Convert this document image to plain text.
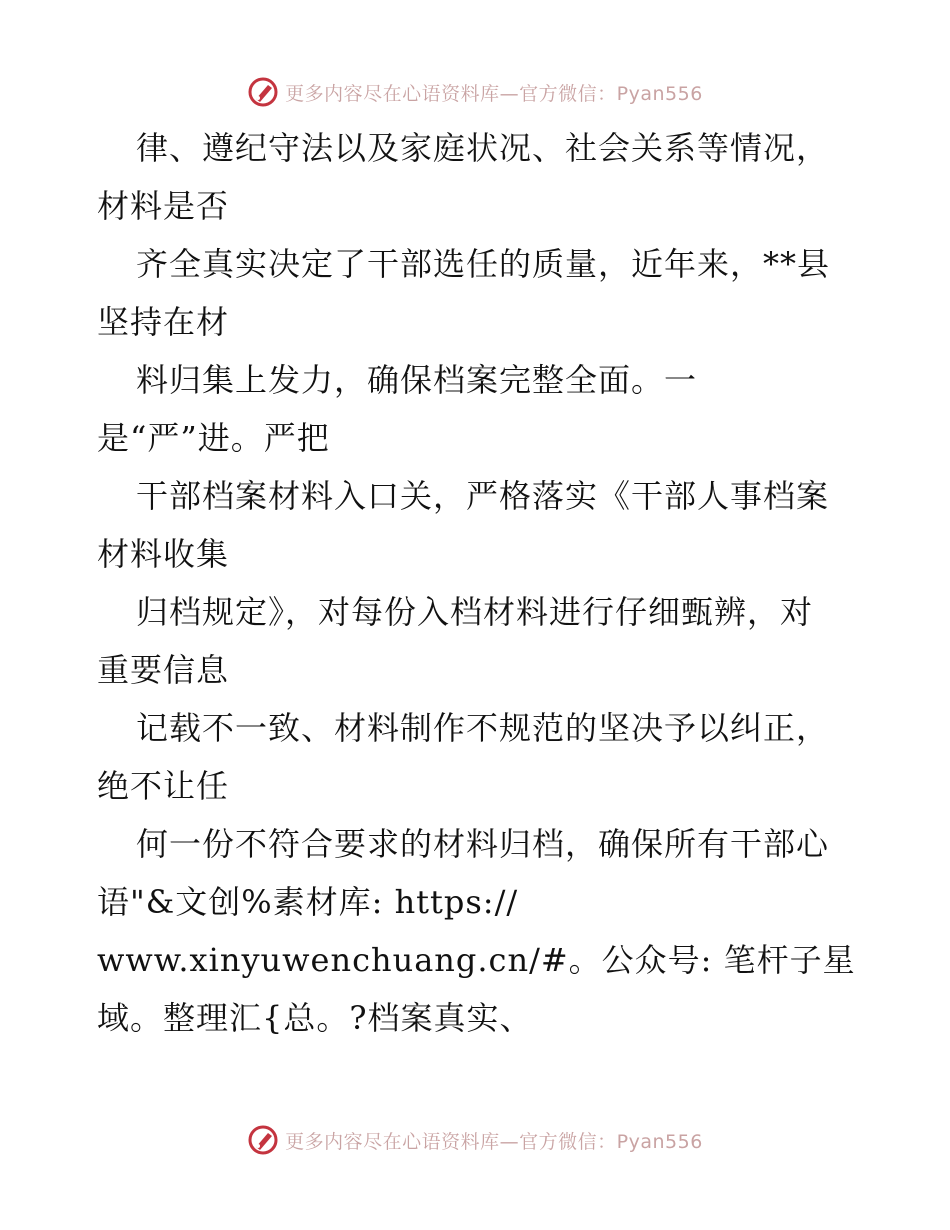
更多内容尽在心语资料库—官方微信：Pyan556
律、遵纪守法以及家庭状况、社会关系等情况，
材料是否
齐全真实决定了干部选任的质量，近年来，**县
坚持在材
料归集上发力，确保档案完整全面。一
是“严”进。严把
干部档案材料入口关，严格落实《干部人事档案
材料收集
归档规定》，对每份入档材料进行仔细甄辨，对
重要信息
记载不一致、材料制作不规范的坚决予以纠正，
绝不让任
何一份不符合要求的材料归档，确保所有干部心
语"&文创%素材库: https://
www.xinyuwenchuang.cn/#。公众号: 笔杆子星
域。整理汇{总。?档案真实、
更多内容尽在心语资料库—官方微信：Pyan556
